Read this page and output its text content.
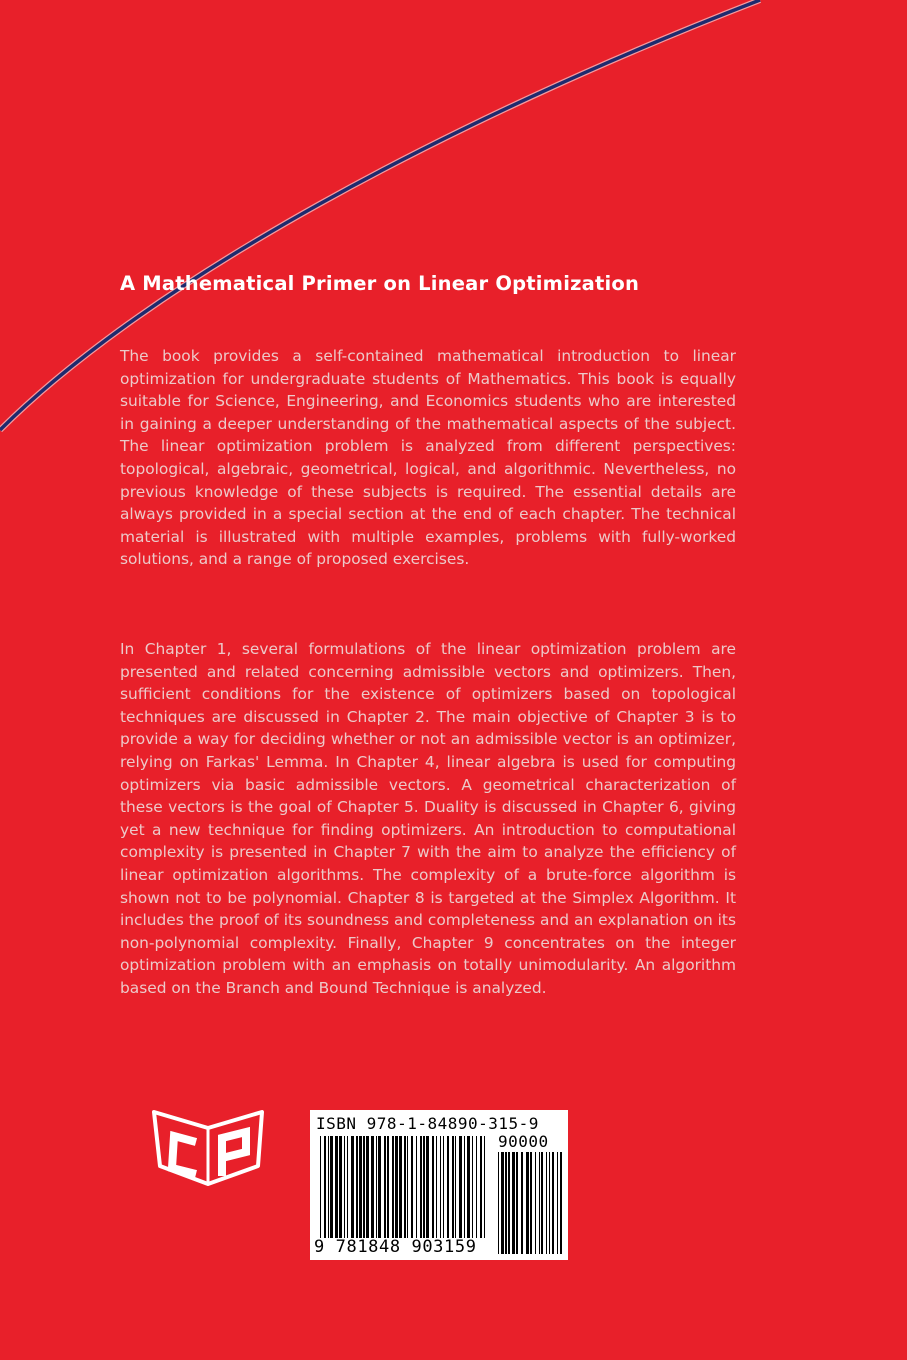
A Mathematical Primer on Linear Optimization

The book provides a self-contained mathematical introduction to linear optimization for undergraduate students of Mathematics. This book is equally suitable for Science, Engineering, and Economics students who are interested in gaining a deeper understanding of the mathematical aspects of the subject. The linear optimization problem is analyzed from different perspectives: topological, algebraic, geometrical, logical, and algorithmic. Nevertheless, no previous knowledge of these subjects is required. The essential details are always provided in a special section at the end of each chapter. The technical material is illustrated with multiple examples, problems with fully-worked solutions, and a range of proposed exercises.

In Chapter 1, several formulations of the linear optimization problem are presented and related concerning admissible vectors and optimizers. Then, sufficient conditions for the existence of optimizers based on topological techniques are discussed in Chapter 2. The main objective of Chapter 3 is to provide a way for deciding whether or not an admissible vector is an optimizer, relying on Farkas' Lemma. In Chapter 4, linear algebra is used for computing optimizers via basic admissible vectors. A geometrical characterization of these vectors is the goal of Chapter 5. Duality is discussed in Chapter 6, giving yet a new technique for finding optimizers. An introduction to computational complexity is presented in Chapter 7 with the aim to analyze the efficiency of linear optimization algorithms. The complexity of a brute-force algorithm is shown not to be polynomial. Chapter 8 is targeted at the Simplex Algorithm. It includes the proof of its soundness and completeness and an explanation on its non-polynomial complexity. Finally, Chapter 9 concentrates on the integer optimization problem with an emphasis on totally unimodularity. An algorithm based on the Branch and Bound Technique is analyzed.

ISBN 978-1-84890-315-9
90000
9 781848 903159
